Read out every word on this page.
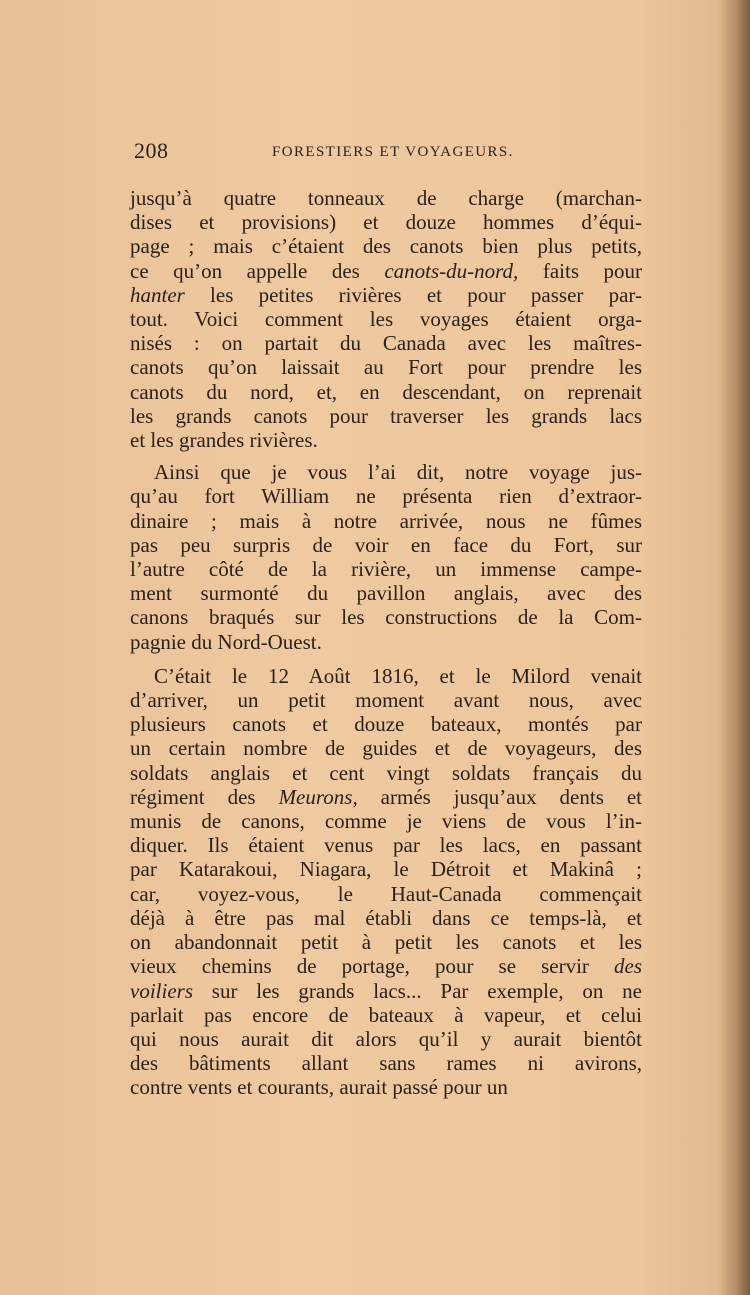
208	FORESTIERS ET VOYAGEURS.

jusqu’à quatre tonneaux de charge (marchan-
dises et provisions) et douze hommes d’équi-
page ; mais c’étaient des canots bien plus petits,
ce qu’on appelle des canots-du-nord, faits pour
hanter les petites rivières et pour passer par-
tout. Voici comment les voyages étaient orga-
nisés : on partait du Canada avec les maîtres-
canots qu’on laissait au Fort pour prendre les
canots du nord, et, en descendant, on reprenait
les grands canots pour traverser les grands lacs
et les grandes rivières.

Ainsi que je vous l’ai dit, notre voyage jus-
qu’au fort William ne présenta rien d’extraor-
dinaire ; mais à notre arrivée, nous ne fûmes
pas peu surpris de voir en face du Fort, sur
l’autre côté de la rivière, un immense campe-
ment surmonté du pavillon anglais, avec des
canons braqués sur les constructions de la Com-
pagnie du Nord-Ouest.

C’était le 12 Août 1816, et le Milord venait
d’arriver, un petit moment avant nous, avec
plusieurs canots et douze bateaux, montés par
un certain nombre de guides et de voyageurs, des
soldats anglais et cent vingt soldats français du
régiment des Meurons, armés jusqu’aux dents et
munis de canons, comme je viens de vous l’in-
diquer. Ils étaient venus par les lacs, en passant
par Katarakoui, Niagara, le Détroit et Makinâ ;
car, voyez-vous, le Haut-Canada commençait
déjà à être pas mal établi dans ce temps-là, et
on abandonnait petit à petit les canots et les
vieux chemins de portage, pour se servir des
voiliers sur les grands lacs... Par exemple, on ne
parlait pas encore de bateaux à vapeur, et celui
qui nous aurait dit alors qu’il y aurait bientôt
des bâtiments allant sans rames ni avirons,
contre vents et courants, aurait passé pour un
